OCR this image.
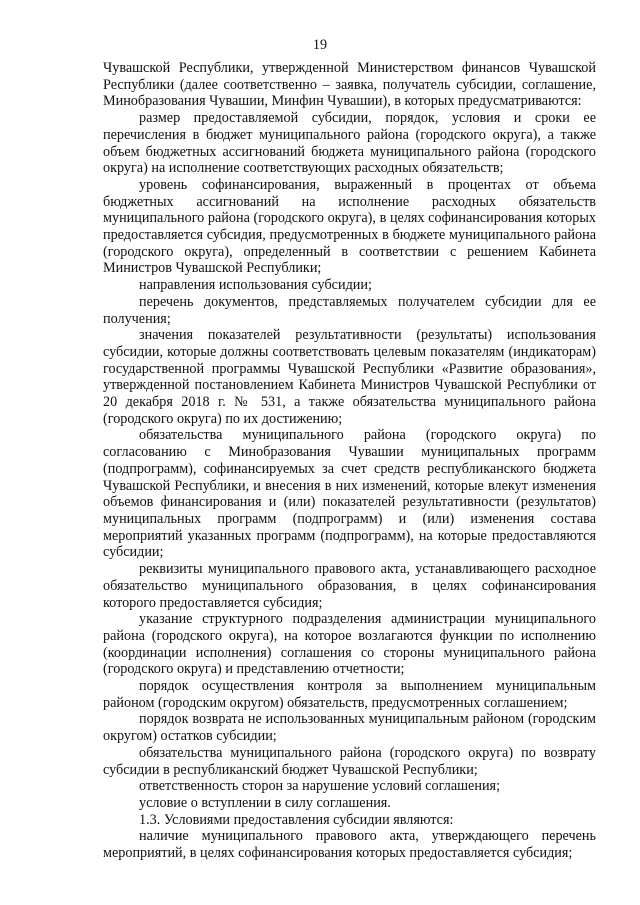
19

Чувашской Республики, утвержденной Министерством финансов Чувашской Республики (далее соответственно – заявка, получатель субсидии, соглашение, Минобразования Чувашии, Минфин Чувашии), в которых предусматриваются:

размер предоставляемой субсидии, порядок, условия и сроки ее перечисления в бюджет муниципального района (городского округа), а также объем бюджетных ассигнований бюджета муниципального района (городского округа) на исполнение соответствующих расходных обязательств;

уровень софинансирования, выраженный в процентах от объема бюджетных ассигнований на исполнение расходных обязательств муниципального района (городского округа), в целях софинансирования которых предоставляется субсидия, предусмотренных в бюджете муниципального района (городского округа), определенный в соответствии с решением Кабинета Министров Чувашской Республики;

направления использования субсидии;

перечень документов, представляемых получателем субсидии для ее получения;

значения показателей результативности (результаты) использования субсидии, которые должны соответствовать целевым показателям (индикаторам) государственной программы Чувашской Республики «Развитие образования», утвержденной постановлением Кабинета Министров Чувашской Республики от 20 декабря 2018 г. № 531, а также обязательства муниципального района (городского округа) по их достижению;

обязательства муниципального района (городского округа) по согласованию с Минобразования Чувашии муниципальных программ (подпрограмм), софинансируемых за счет средств республиканского бюджета Чувашской Республики, и внесения в них изменений, которые влекут изменения объемов финансирования и (или) показателей результативности (результатов) муниципальных программ (подпрограмм) и (или) изменения состава мероприятий указанных программ (подпрограмм), на которые предоставляются субсидии;

реквизиты муниципального правового акта, устанавливающего расходное обязательство муниципального образования, в целях софинансирования которого предоставляется субсидия;

указание структурного подразделения администрации муниципального района (городского округа), на которое возлагаются функции по исполнению (координации исполнения) соглашения со стороны муниципального района (городского округа) и представлению отчетности;

порядок осуществления контроля за выполнением муниципальным районом (городским округом) обязательств, предусмотренных соглашением;

порядок возврата не использованных муниципальным районом (городским округом) остатков субсидии;

обязательства муниципального района (городского округа) по возврату субсидии в республиканский бюджет Чувашской Республики;

ответственность сторон за нарушение условий соглашения;

условие о вступлении в силу соглашения.

1.3. Условиями предоставления субсидии являются:

наличие муниципального правового акта, утверждающего перечень мероприятий, в целях софинансирования которых предоставляется субсидия;
